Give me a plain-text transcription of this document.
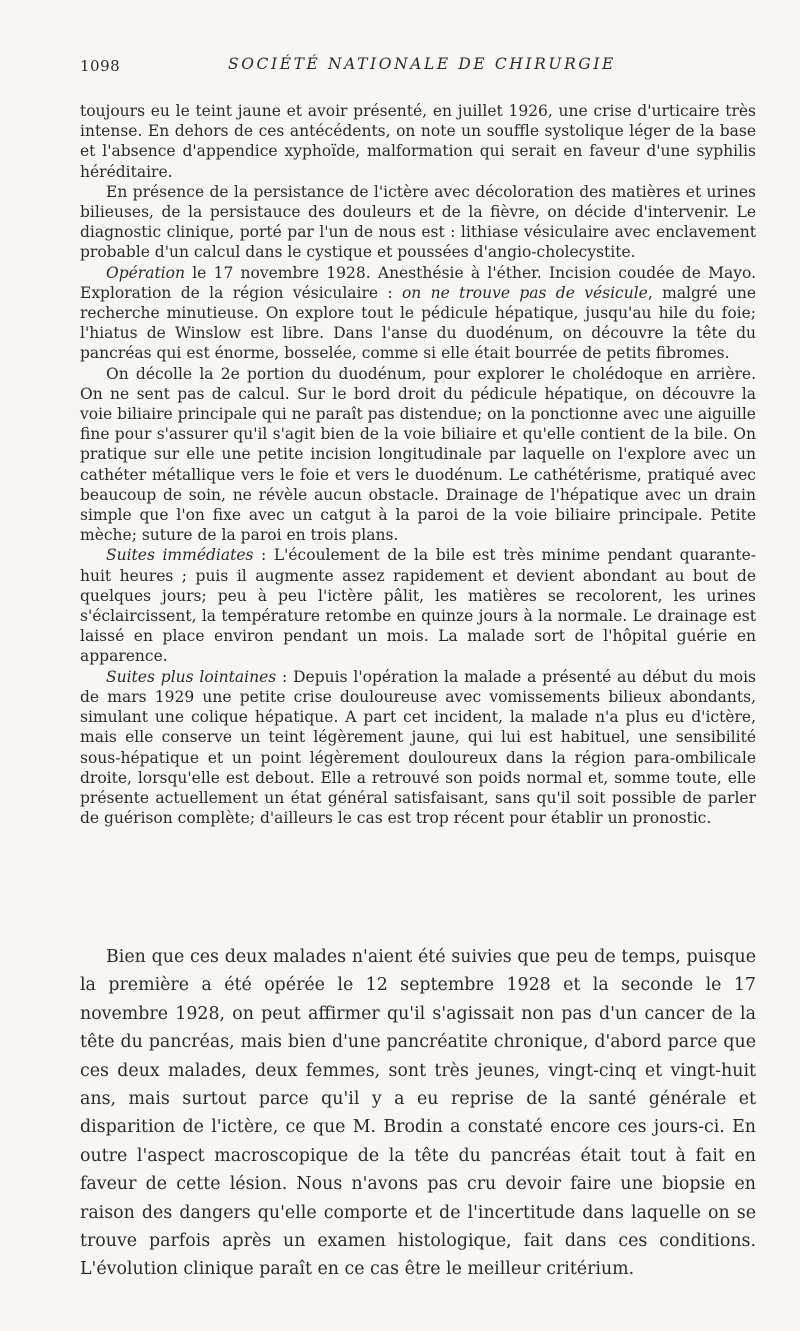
1098	SOCIÉTÉ NATIONALE DE CHIRURGIE

toujours eu le teint jaune et avoir présenté, en juillet 1926, une crise d'urticaire très intense. En dehors de ces antécédents, on note un souffle systolique léger de la base et l'absence d'appendice xyphoïde, malformation qui serait en faveur d'une syphilis héréditaire.

En présence de la persistance de l'ictère avec décoloration des matières et urines bilieuses, de la persistauce des douleurs et de la fièvre, on décide d'intervenir. Le diagnostic clinique, porté par l'un de nous est : lithiase vésiculaire avec enclavement probable d'un calcul dans le cystique et poussées d'angio-cholecystite.

Opération le 17 novembre 1928. Anesthésie à l'éther. Incision coudée de Mayo. Exploration de la région vésiculaire : on ne trouve pas de vésicule, malgré une recherche minutieuse. On explore tout le pédicule hépatique, jusqu'au hile du foie; l'hiatus de Winslow est libre. Dans l'anse du duodénum, on découvre la tête du pancréas qui est énorme, bosselée, comme si elle était bourrée de petits fibromes.

On décolle la 2e portion du duodénum, pour explorer le cholédoque en arrière. On ne sent pas de calcul. Sur le bord droit du pédicule hépatique, on découvre la voie biliaire principale qui ne paraît pas distendue; on la ponctionne avec une aiguille fine pour s'assurer qu'il s'agit bien de la voie biliaire et qu'elle contient de la bile. On pratique sur elle une petite incision longitudinale par laquelle on l'explore avec un cathéter métallique vers le foie et vers le duodénum. Le cathétérisme, pratiqué avec beaucoup de soin, ne révèle aucun obstacle. Drainage de l'hépatique avec un drain simple que l'on fixe avec un catgut à la paroi de la voie biliaire principale. Petite mèche; suture de la paroi en trois plans.

Suites immédiates : L'écoulement de la bile est très minime pendant quarante-huit heures ; puis il augmente assez rapidement et devient abondant au bout de quelques jours; peu à peu l'ictère pâlit, les matières se recolorent, les urines s'éclaircissent, la température retombe en quinze jours à la normale. Le drainage est laissé en place environ pendant un mois. La malade sort de l'hôpital guérie en apparence.

Suites plus lointaines : Depuis l'opération la malade a présenté au début du mois de mars 1929 une petite crise douloureuse avec vomissements bilieux abondants, simulant une colique hépatique. A part cet incident, la malade n'a plus eu d'ictère, mais elle conserve un teint légèrement jaune, qui lui est habituel, une sensibilité sous-hépatique et un point légèrement douloureux dans la région para-ombilicale droite, lorsqu'elle est debout. Elle a retrouvé son poids normal et, somme toute, elle présente actuellement un état général satisfaisant, sans qu'il soit possible de parler de guérison complète; d'ailleurs le cas est trop récent pour établir un pronostic.

Bien que ces deux malades n'aient été suivies que peu de temps, puisque la première a été opérée le 12 septembre 1928 et la seconde le 17 novembre 1928, on peut affirmer qu'il s'agissait non pas d'un cancer de la tête du pancréas, mais bien d'une pancréatite chronique, d'abord parce que ces deux malades, deux femmes, sont très jeunes, vingt-cinq et vingt-huit ans, mais surtout parce qu'il y a eu reprise de la santé générale et disparition de l'ictère, ce que M. Brodin a constaté encore ces jours-ci. En outre l'aspect macroscopique de la tête du pancréas était tout à fait en faveur de cette lésion. Nous n'avons pas cru devoir faire une biopsie en raison des dangers qu'elle comporte et de l'incertitude dans laquelle on se trouve parfois après un examen histologique, fait dans ces conditions. L'évolution clinique paraît en ce cas être le meilleur critérium.
